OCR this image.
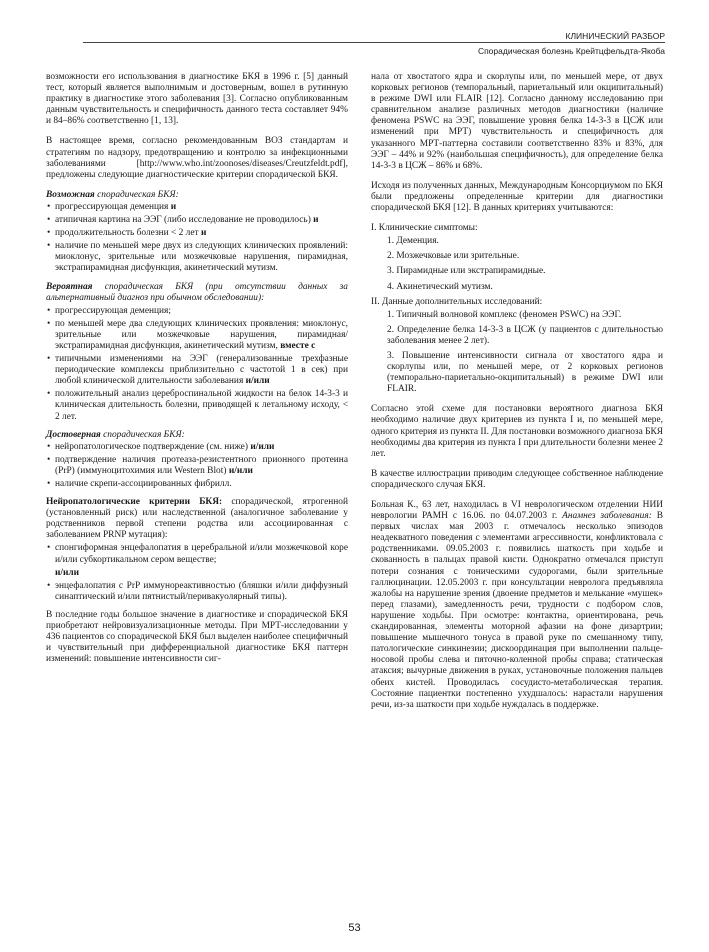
КЛИНИЧЕСКИЙ РАЗБОР
Спорадическая болезнь Крейтцфельдта-Якоба

возможности его использования в диагностике БКЯ в 1996 г. [5] данный тест, который является выполнимым и достоверным, вошел в рутинную практику в диагностике этого заболевания [3]. Согласно опубликованным данным чувствительность и специфичность данного теста составляет 94% и 84–86% соответственно [1, 13].

В настоящее время, согласно рекомендованным ВОЗ стандартам и стратегиям по надзору, предотвращению и контролю за инфекционными заболеваниями [http://www.who.int/zoonoses/diseases/Creutzfeldt.pdf], предложены следующие диагностические критерии спорадической БКЯ.

Возможная спорадическая БКЯ:

• прогрессирующая деменция и
• атипичная картина на ЭЭГ (либо исследование не проводилось) и
• продолжительность болезни < 2 лет и
• наличие по меньшей мере двух из следующих клинических проявлений: миоклонус, зрительные или мозжечковые нарушения, пирамидная, экстрапирамидная дисфункция, акинетический мутизм.

Вероятная спорадическая БКЯ (при отсутствии данных за альтернативный диагноз при обычном обследовании):

• прогрессирующая деменция;
• по меньшей мере два следующих клинических проявления: миоклонус, зрительные или мозжечковые нарушения, пирамидная/экстрапирамидная дисфункция, акинетический мутизм, вместе с
• типичными изменениями на ЭЭГ (генерализованные трехфазные периодические комплексы приблизительно с частотой 1 в сек) при любой клинической длительности заболевания и/или
• положительный анализ цереброспинальной жидкости на белок 14-3-3 и клиническая длительность болезни, приводящей к летальному исходу, < 2 лет.

Достоверная спорадическая БКЯ:

• нейропатологическое подтверждение (см. ниже) и/или
• подтверждение наличия протеаза-резистентного прионного протеина (PrP) (иммуноцитохимия или Western Blot) и/или
• наличие скрепи-ассоциированных фибрилл.

Нейропатологические критерии БКЯ: спорадической, ятрогенной (установленный риск) или наследственной (аналогичное заболевание у родственников первой степени родства или ассоциированная с заболеванием PRNP мутация):

• спонгиформная энцефалопатия в церебральной и/или мозжечковой коре и/или субкортикальном сером веществе;
и/или
• энцефалопатия с PrP иммунореактивностью (бляшки и/или диффузный синаптический и/или пятнистый/перивакуолярный типы).

В последние годы большое значение в диагностике и спорадической БКЯ приобретают нейровизуализационные методы. При МРТ-исследовании у 436 пациентов со спорадической БКЯ был выделен наиболее специфичный и чувствительный при дифференциальной диагностике БКЯ паттерн изменений: повышение интенсивности сиг-

нала от хвостатого ядра и скорлупы или, по меньшей мере, от двух корковых регионов (темпоральный, париетальный или окципитальный) в режиме DWI или FLAIR [12]. Согласно данному исследованию при сравнительном анализе различных методов диагностики (наличие феномена PSWC на ЭЭГ, повышение уровня белка 14-3-3 в ЦСЖ или изменений при МРТ) чувствительность и специфичность для указанного МРТ-паттерна составили соответственно 83% и 83%, для ЭЭГ – 44% и 92% (наибольшая специфичность), для определение белка 14-3-3 в ЦСЖ – 86% и 68%.

Исходя из полученных данных, Международным Консорциумом по БКЯ были предложены определенные критерии для диагностики спорадической БКЯ [12]. В данных критериях учитываются:

I. Клинические симптомы:

1. Деменция.

2. Мозжечковые или зрительные.

3. Пирамидные или экстрапирамидные.

4. Акинетический мутизм.

II. Данные дополнительных исследований:

1. Типичный волновой комплекс (феномен PSWC) на ЭЭГ.

2. Определение белка 14-3-3 в ЦСЖ (у пациентов с длительностью заболевания менее 2 лет).

3. Повышение интенсивности сигнала от хвостатого ядра и скорлупы или, по меньшей мере, от 2 корковых регионов (темпорально-париетально-окципитальный) в режиме DWI или FLAIR.

Согласно этой схеме для постановки вероятного диагноза БКЯ необходимо наличие двух критериев из пункта I и, по меньшей мере, одного критерия из пункта II. Для постановки возможного диагноза БКЯ необходимы два критерия из пункта I при длительности болезни менее 2 лет.

В качестве иллюстрации приводим следующее собственное наблюдение спорадического случая БКЯ.

Больная К., 63 лет, находилась в VI неврологическом отделении НИИ неврологии РАМН с 16.06. по 04.07.2003 г. Анамнез заболевания: В первых числах мая 2003 г. отмечалось несколько эпизодов неадекватного поведения с элементами агрессивности, конфликтовала с родственниками. 09.05.2003 г. появились шаткость при ходьбе и скованность в пальцах правой кисти. Однократно отмечался приступ потери сознания с тоническими судорогами, были зрительные галлюцинации. 12.05.2003 г. при консультации невролога предъявляла жалобы на нарушение зрения (двоение предметов и мелькание «мушек» перед глазами), замедленность речи, трудности с подбором слов, нарушение ходьбы. При осмотре: контактна, ориентирована, речь скандированная, элементы моторной афазии на фоне дизартрии; повышение мышечного тонуса в правой руке по смешанному типу, патологические синкинезии; дискоординация при выполнении пальце-носовой пробы слева и пяточно-коленной пробы справа; статическая атаксия; вычурные движения в руках, установочные положения пальцев обеих кистей. Проводилась сосудисто-метаболическая терапия. Состояние пациентки постепенно ухудшалось: нарастали нарушения речи, из-за шаткости при ходьбе нуждалась в поддержке.

53
